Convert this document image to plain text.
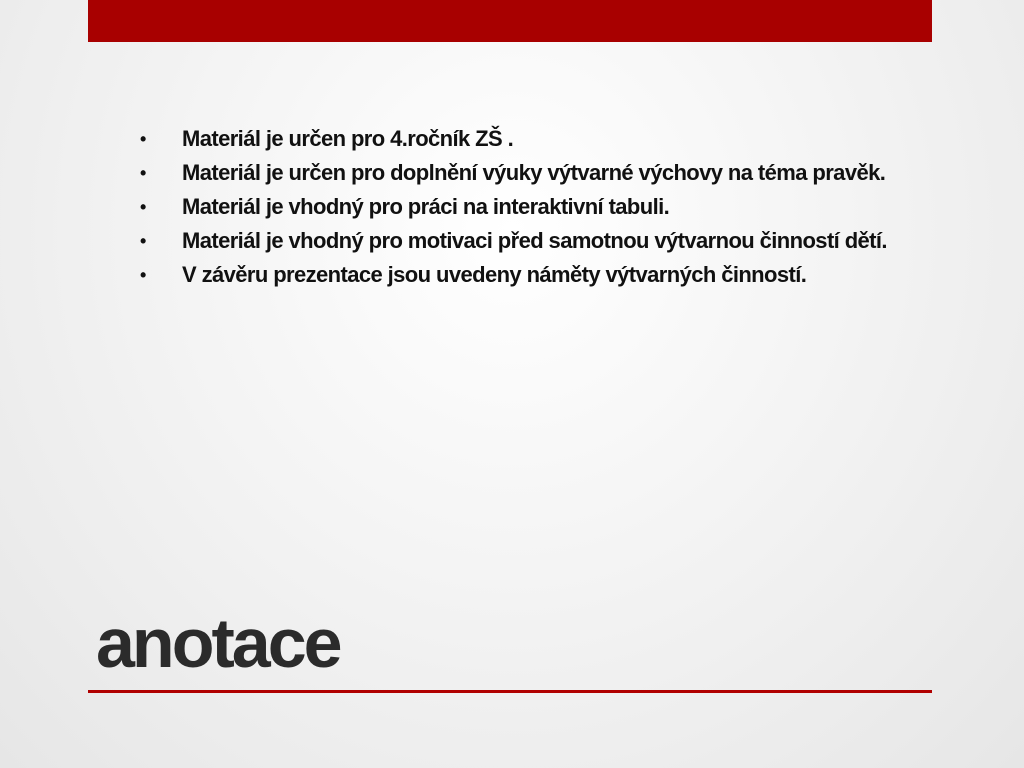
•	Materiál je určen pro 4.ročník ZŠ .
•	Materiál je určen pro doplnění výuky výtvarné výchovy na téma pravěk.
•	Materiál je vhodný pro práci na interaktivní tabuli.
•	Materiál je vhodný pro motivaci před samotnou výtvarnou činností dětí.
•	V závěru prezentace jsou uvedeny náměty výtvarných činností.
anotace
